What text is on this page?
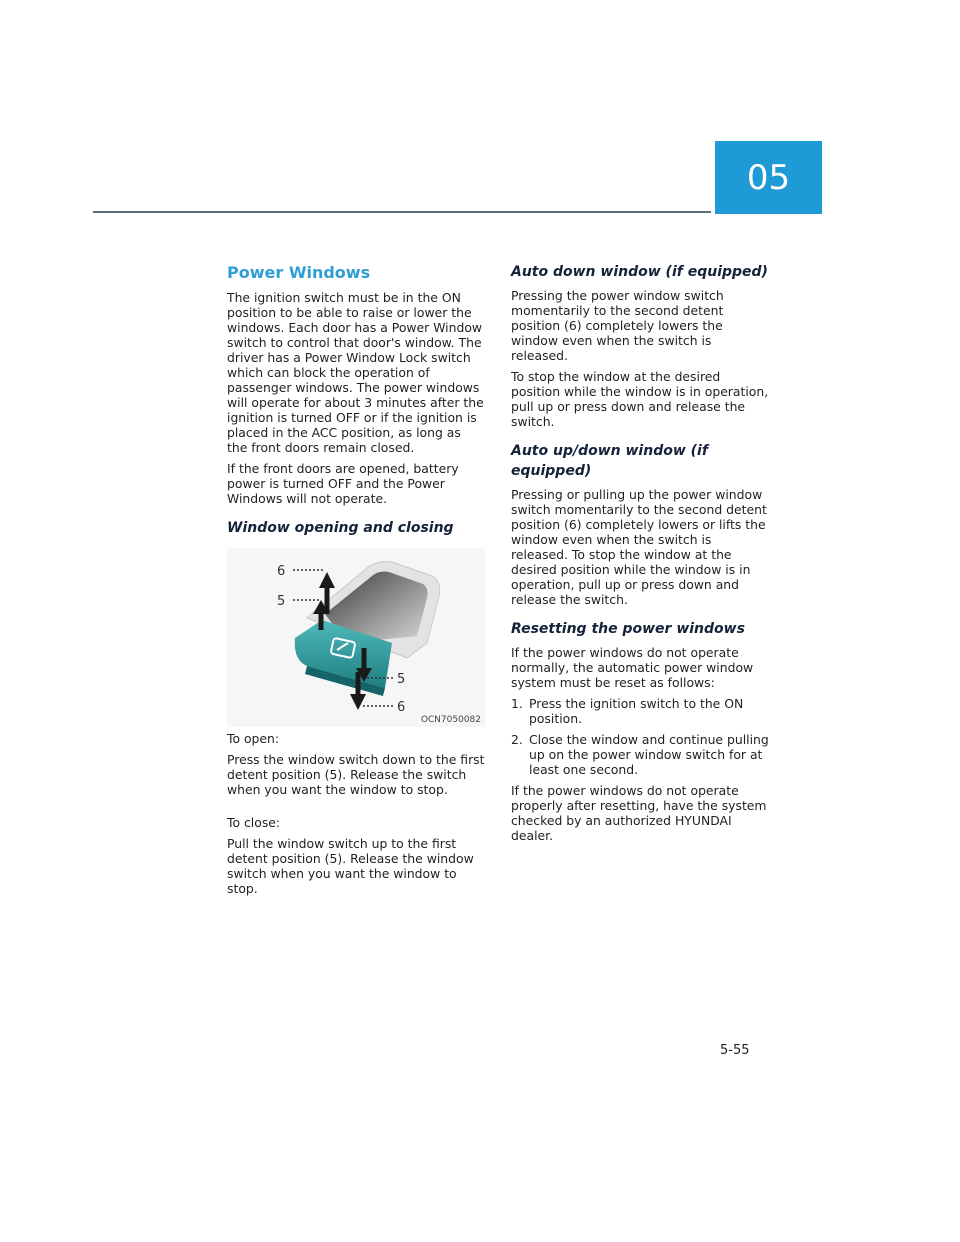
05
Power Windows

The ignition switch must be in the ON position to be able to raise or lower the windows. Each door has a Power Window switch to control that door's window. The driver has a Power Window Lock switch which can block the operation of passenger windows. The power windows will operate for about 3 minutes after the ignition is turned OFF or if the ignition is placed in the ACC position, as long as the front doors remain closed.

If the front doors are opened, battery power is turned OFF and the Power Windows will not operate.

Window opening and closing
6
5
5
6
OCN7050082

To open:

Press the window switch down to the first detent position (5). Release the switch when you want the window to stop.

To close:

Pull the window switch up to the first detent position (5). Release the window switch when you want the window to stop.

Auto down window (if equipped)

Pressing the power window switch momentarily to the second detent position (6) completely lowers the window even when the switch is released.

To stop the window at the desired position while the window is in operation, pull up or press down and release the switch.

Auto up/down window (if equipped)

Pressing or pulling up the power window switch momentarily to the second detent position (6) completely lowers or lifts the window even when the switch is released. To stop the window at the desired position while the window is in operation, pull up or press down and release the switch.

Resetting the power windows

If the power windows do not operate normally, the automatic power window system must be reset as follows:

1. Press the ignition switch to the ON position.
2. Close the window and continue pulling up on the power window switch for at least one second.

If the power windows do not operate properly after resetting, have the system checked by an authorized HYUNDAI dealer.

5-55
